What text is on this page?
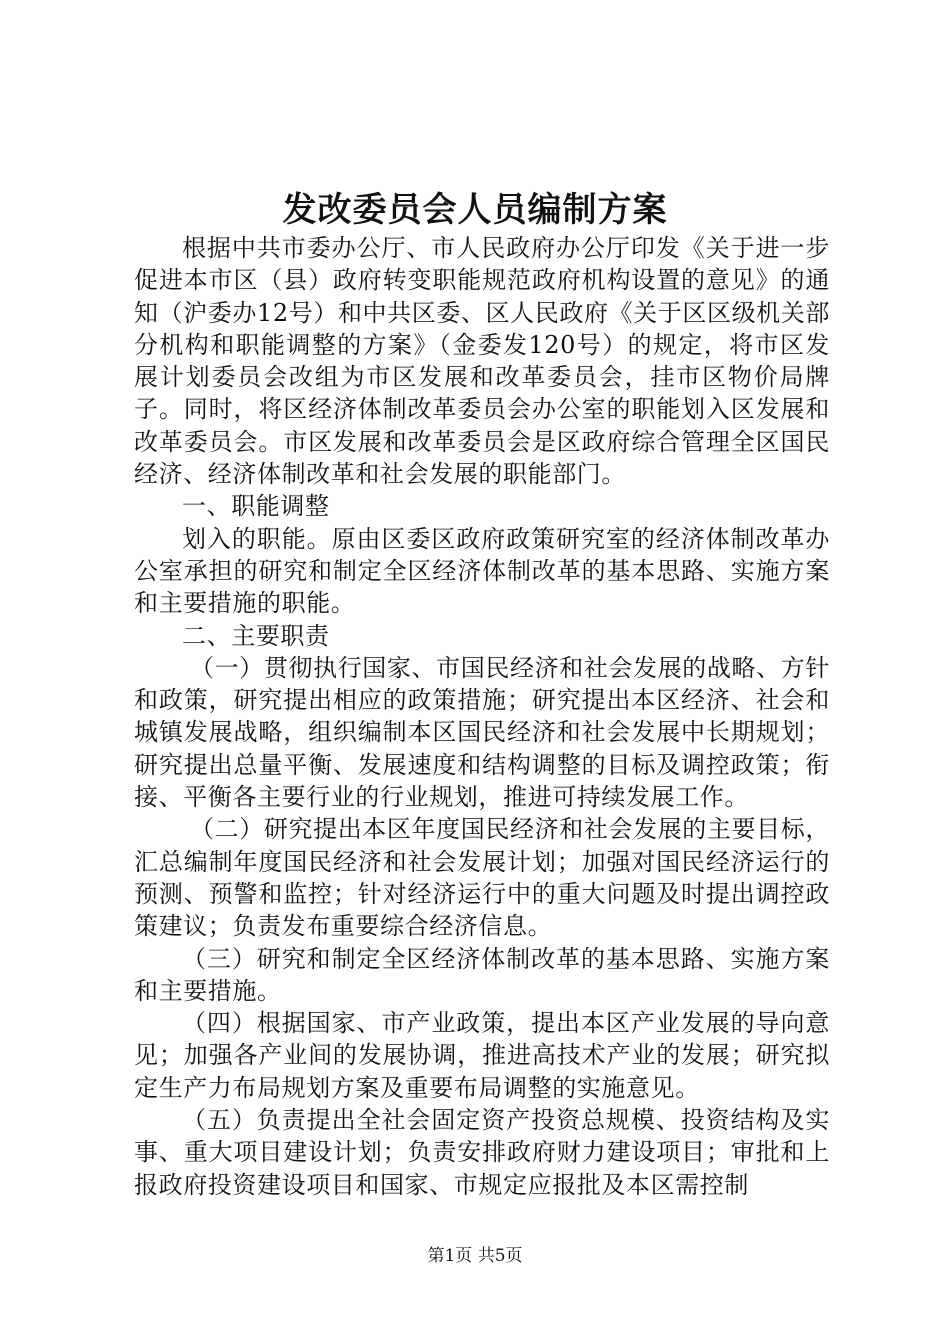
发改委员会人员编制方案

根据中共市委办公厅、市人民政府办公厅印发《关于进一步促进本市区（县）政府转变职能规范政府机构设置的意见》的通知（沪委办12号）和中共区委、区人民政府《关于区区级机关部分机构和职能调整的方案》（金委发120号）的规定，将市区发展计划委员会改组为市区发展和改革委员会，挂市区物价局牌子。同时，将区经济体制改革委员会办公室的职能划入区发展和改革委员会。市区发展和改革委员会是区政府综合管理全区国民经济、经济体制改革和社会发展的职能部门。

一、职能调整

划入的职能。原由区委区政府政策研究室的经济体制改革办公室承担的研究和制定全区经济体制改革的基本思路、实施方案和主要措施的职能。

二、主要职责

（一）贯彻执行国家、市国民经济和社会发展的战略、方针和政策，研究提出相应的政策措施；研究提出本区经济、社会和城镇发展战略，组织编制本区国民经济和社会发展中长期规划；研究提出总量平衡、发展速度和结构调整的目标及调控政策；衔接、平衡各主要行业的行业规划，推进可持续发展工作。

（二）研究提出本区年度国民经济和社会发展的主要目标，汇总编制年度国民经济和社会发展计划；加强对国民经济运行的预测、预警和监控；针对经济运行中的重大问题及时提出调控政策建议；负责发布重要综合经济信息。

（三）研究和制定全区经济体制改革的基本思路、实施方案和主要措施。

（四）根据国家、市产业政策，提出本区产业发展的导向意见；加强各产业间的发展协调，推进高技术产业的发展；研究拟定生产力布局规划方案及重要布局调整的实施意见。

（五）负责提出全社会固定资产投资总规模、投资结构及实事、重大项目建设计划；负责安排政府财力建设项目；审批和上报政府投资建设项目和国家、市规定应报批及本区需控制

第1页 共5页
